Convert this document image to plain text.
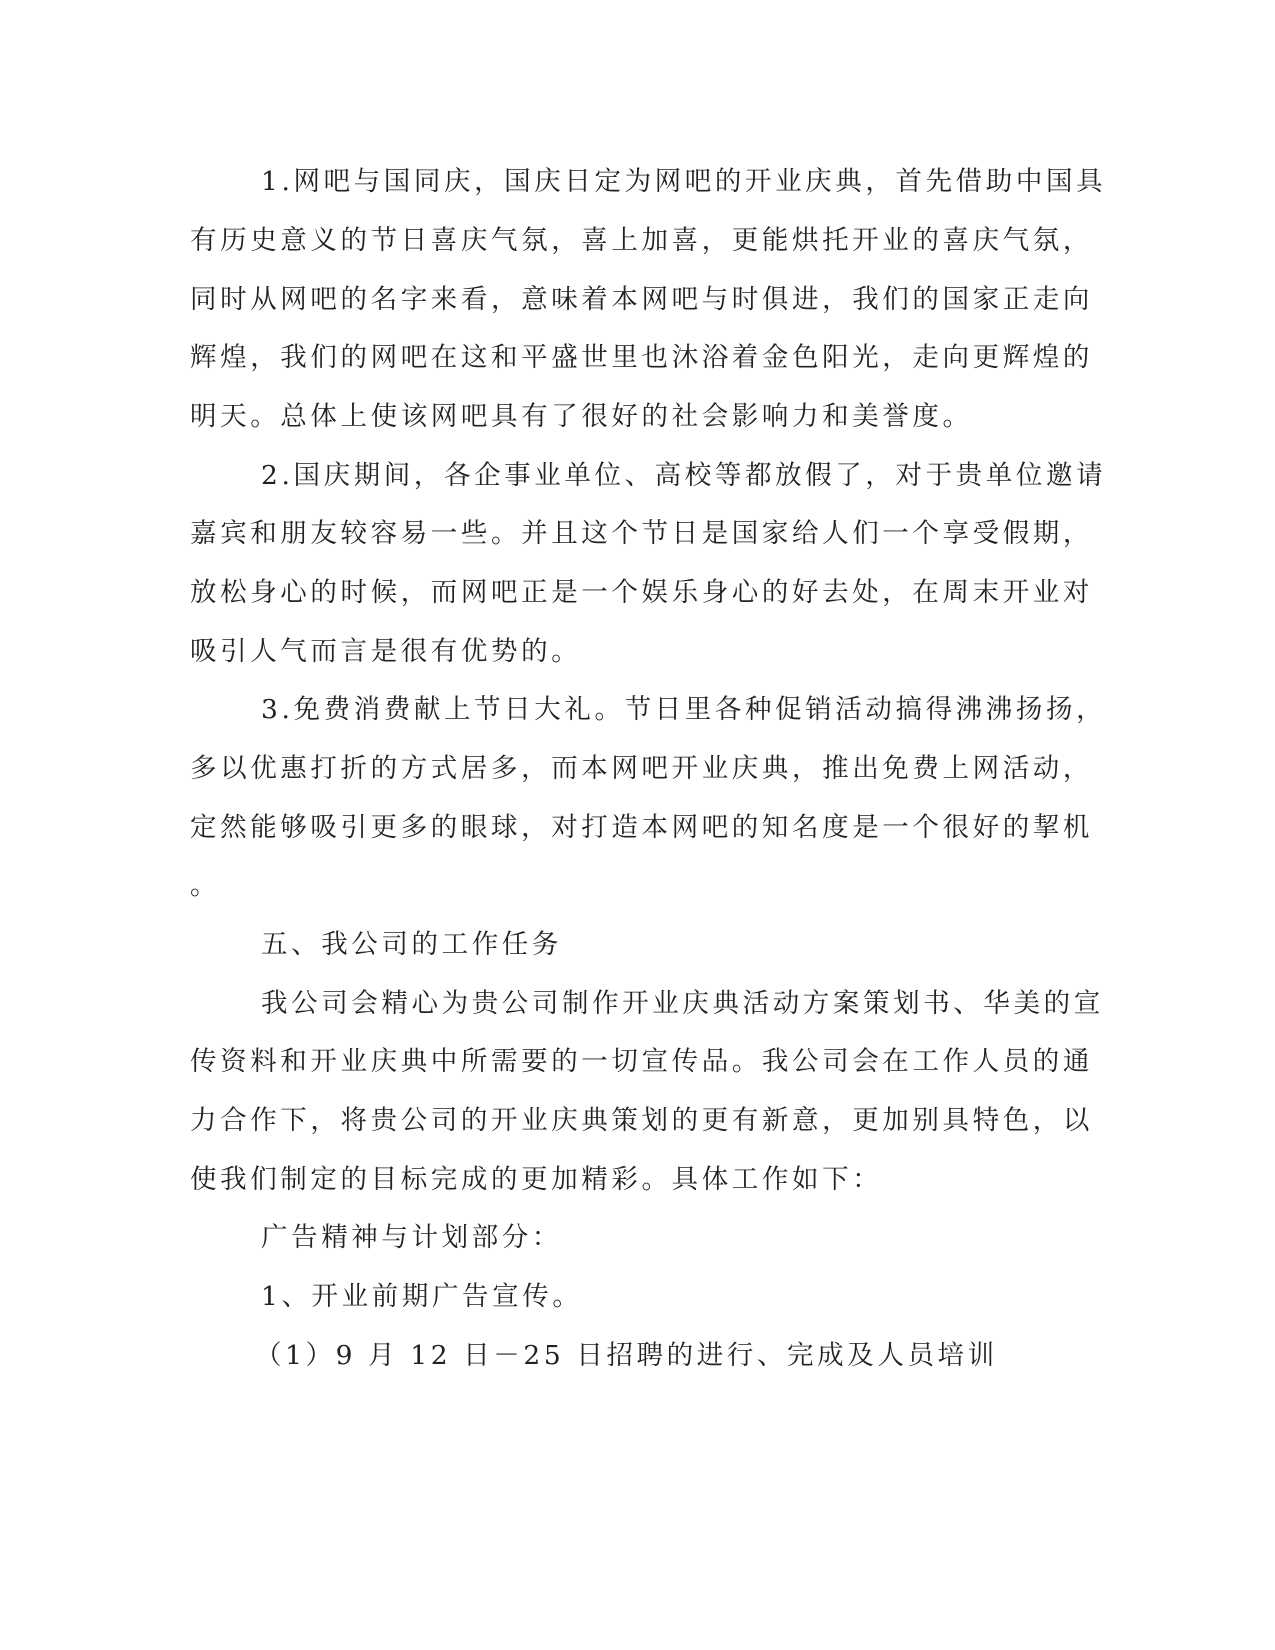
1.网吧与国同庆，国庆日定为网吧的开业庆典，首先借助中国具
有历史意义的节日喜庆气氛，喜上加喜，更能烘托开业的喜庆气氛，
同时从网吧的名字来看，意味着本网吧与时俱进，我们的国家正走向
辉煌，我们的网吧在这和平盛世里也沐浴着金色阳光，走向更辉煌的
明天。总体上使该网吧具有了很好的社会影响力和美誉度。
2.国庆期间，各企事业单位、高校等都放假了，对于贵单位邀请
嘉宾和朋友较容易一些。并且这个节日是国家给人们一个享受假期，
放松身心的时候，而网吧正是一个娱乐身心的好去处，在周末开业对
吸引人气而言是很有优势的。
3.免费消费献上节日大礼。节日里各种促销活动搞得沸沸扬扬，
多以优惠打折的方式居多，而本网吧开业庆典，推出免费上网活动，
定然能够吸引更多的眼球，对打造本网吧的知名度是一个很好的挈机
。
五、我公司的工作任务
我公司会精心为贵公司制作开业庆典活动方案策划书、华美的宣
传资料和开业庆典中所需要的一切宣传品。我公司会在工作人员的通
力合作下，将贵公司的开业庆典策划的更有新意，更加别具特色，以
使我们制定的目标完成的更加精彩。具体工作如下：
广告精神与计划部分：
1、开业前期广告宣传。
（1）9 月 12 日－25 日招聘的进行、完成及人员培训
